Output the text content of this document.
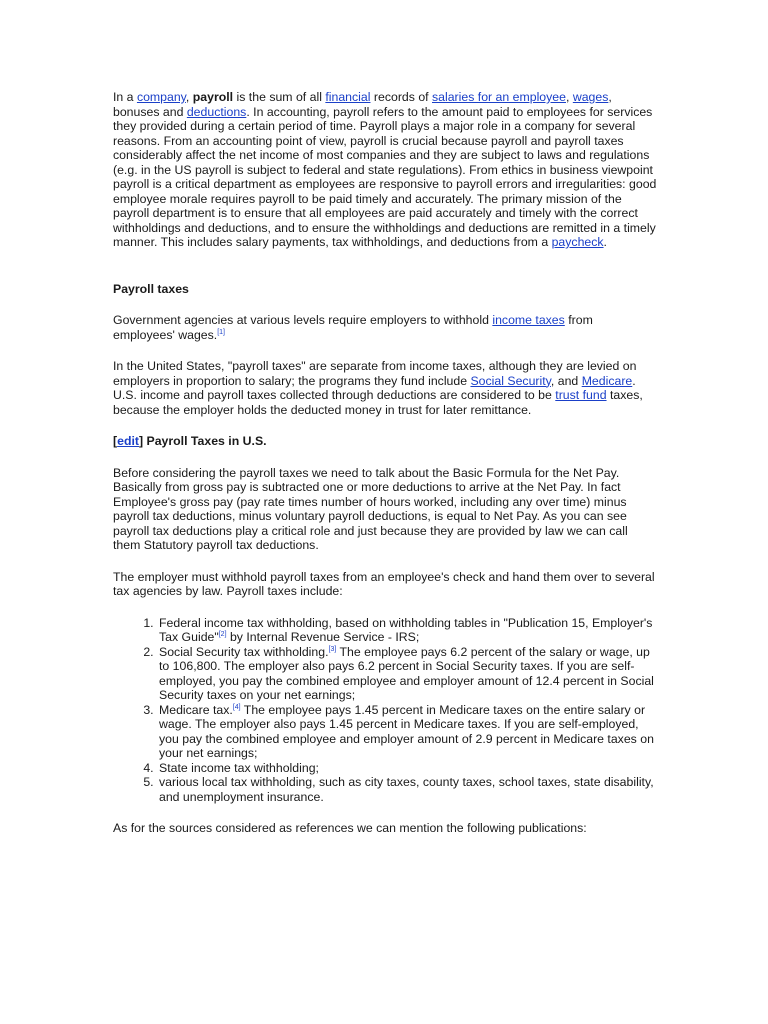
In a company, payroll is the sum of all financial records of salaries for an employee, wages, bonuses and deductions. In accounting, payroll refers to the amount paid to employees for services they provided during a certain period of time. Payroll plays a major role in a company for several reasons. From an accounting point of view, payroll is crucial because payroll and payroll taxes considerably affect the net income of most companies and they are subject to laws and regulations (e.g. in the US payroll is subject to federal and state regulations). From ethics in business viewpoint payroll is a critical department as employees are responsive to payroll errors and irregularities: good employee morale requires payroll to be paid timely and accurately. The primary mission of the payroll department is to ensure that all employees are paid accurately and timely with the correct withholdings and deductions, and to ensure the withholdings and deductions are remitted in a timely manner. This includes salary payments, tax withholdings, and deductions from a paycheck.

Payroll taxes

Government agencies at various levels require employers to withhold income taxes from employees' wages.[1]

In the United States, "payroll taxes" are separate from income taxes, although they are levied on employers in proportion to salary; the programs they fund include Social Security, and Medicare. U.S. income and payroll taxes collected through deductions are considered to be trust fund taxes, because the employer holds the deducted money in trust for later remittance.

[edit] Payroll Taxes in U.S.

Before considering the payroll taxes we need to talk about the Basic Formula for the Net Pay. Basically from gross pay is subtracted one or more deductions to arrive at the Net Pay. In fact Employee's gross pay (pay rate times number of hours worked, including any over time) minus payroll tax deductions, minus voluntary payroll deductions, is equal to Net Pay. As you can see payroll tax deductions play a critical role and just because they are provided by law we can call them Statutory payroll tax deductions.

The employer must withhold payroll taxes from an employee's check and hand them over to several tax agencies by law. Payroll taxes include:

1. Federal income tax withholding, based on withholding tables in "Publication 15, Employer's Tax Guide"[2] by Internal Revenue Service - IRS;
2. Social Security tax withholding.[3] The employee pays 6.2 percent of the salary or wage, up to 106,800. The employer also pays 6.2 percent in Social Security taxes. If you are self-employed, you pay the combined employee and employer amount of 12.4 percent in Social Security taxes on your net earnings;
3. Medicare tax.[4] The employee pays 1.45 percent in Medicare taxes on the entire salary or wage. The employer also pays 1.45 percent in Medicare taxes. If you are self-employed, you pay the combined employee and employer amount of 2.9 percent in Medicare taxes on your net earnings;
4. State income tax withholding;
5. various local tax withholding, such as city taxes, county taxes, school taxes, state disability, and unemployment insurance.

As for the sources considered as references we can mention the following publications:
